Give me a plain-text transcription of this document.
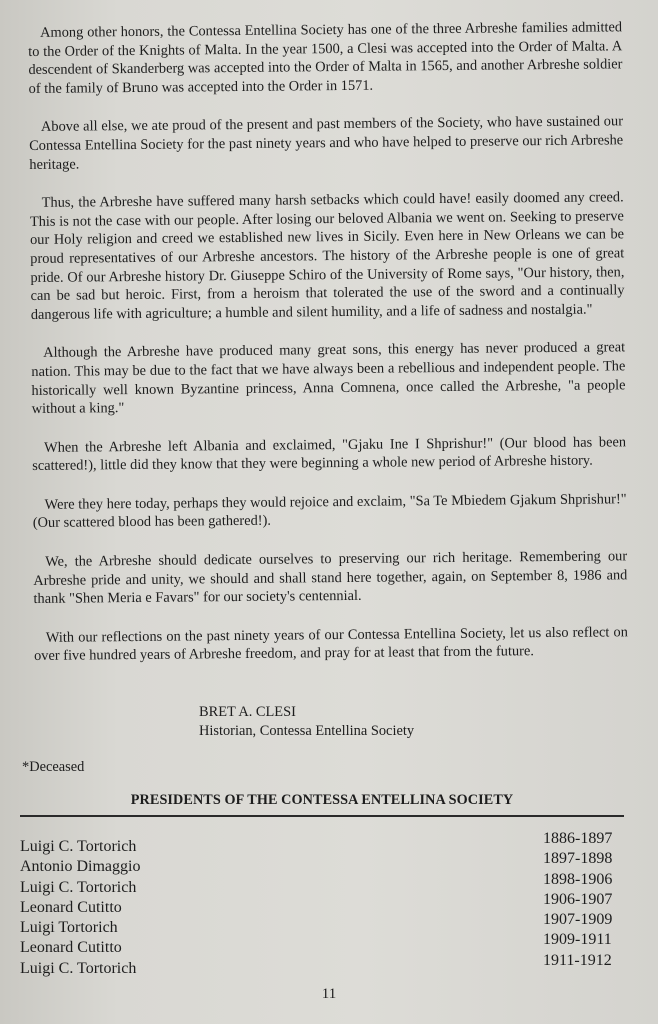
Among other honors, the Contessa Entellina Society has one of the three Arbreshe families admitted to the Order of the Knights of Malta. In the year 1500, a Clesi was accepted into the Order of Malta. A descendent of Skanderberg was accepted into the Order of Malta in 1565, and another Arbreshe soldier of the family of Bruno was accepted into the Order in 1571.

Above all else, we ate proud of the present and past members of the Society, who have sustained our Contessa Entellina Society for the past ninety years and who have helped to preserve our rich Arbreshe heritage.

Thus, the Arbreshe have suffered many harsh setbacks which could have! easily doomed any creed. This is not the case with our people. After losing our beloved Albania we went on. Seeking to preserve our Holy religion and creed we established new lives in Sicily. Even here in New Orleans we can be proud representatives of our Arbreshe ancestors. The history of the Arbreshe people is one of great pride. Of our Arbreshe history Dr. Giuseppe Schiro of the University of Rome says, "Our history, then, can be sad but heroic. First, from a heroism that tolerated the use of the sword and a continually dangerous life with agriculture; a humble and silent humility, and a life of sadness and nostalgia."

Although the Arbreshe have produced many great sons, this energy has never produced a great nation. This may be due to the fact that we have always been a rebellious and independent people. The historically well known Byzantine princess, Anna Comnena, once called the Arbreshe, "a people without a king."

When the Arbreshe left Albania and exclaimed, "Gjaku Ine I Shprishur!" (Our blood has been scattered!), little did they know that they were beginning a whole new period of Arbreshe history.

Were they here today, perhaps they would rejoice and exclaim, "Sa Te Mbiedem Gjakum Shprishur!" (Our scattered blood has been gathered!).

We, the Arbreshe should dedicate ourselves to preserving our rich heritage. Remembering our Arbreshe pride and unity, we should and shall stand here together, again, on September 8, 1986 and thank "Shen Meria e Favars" for our society's centennial.

With our reflections on the past ninety years of our Contessa Entellina Society, let us also reflect on over five hundred years of Arbreshe freedom, and pray for at least that from the future.

BRET A. CLESI
Historian, Contessa Entellina Society
*Deceased
PRESIDENTS OF THE CONTESSA ENTELLINA SOCIETY
Luigi C. Tortorich
Antonio Dimaggio
Luigi C. Tortorich
Leonard Cutitto
Luigi Tortorich
Leonard Cutitto
Luigi C. Tortorich
1886-1897
1897-1898
1898-1906
1906-1907
1907-1909
1909-1911
1911-1912
11
